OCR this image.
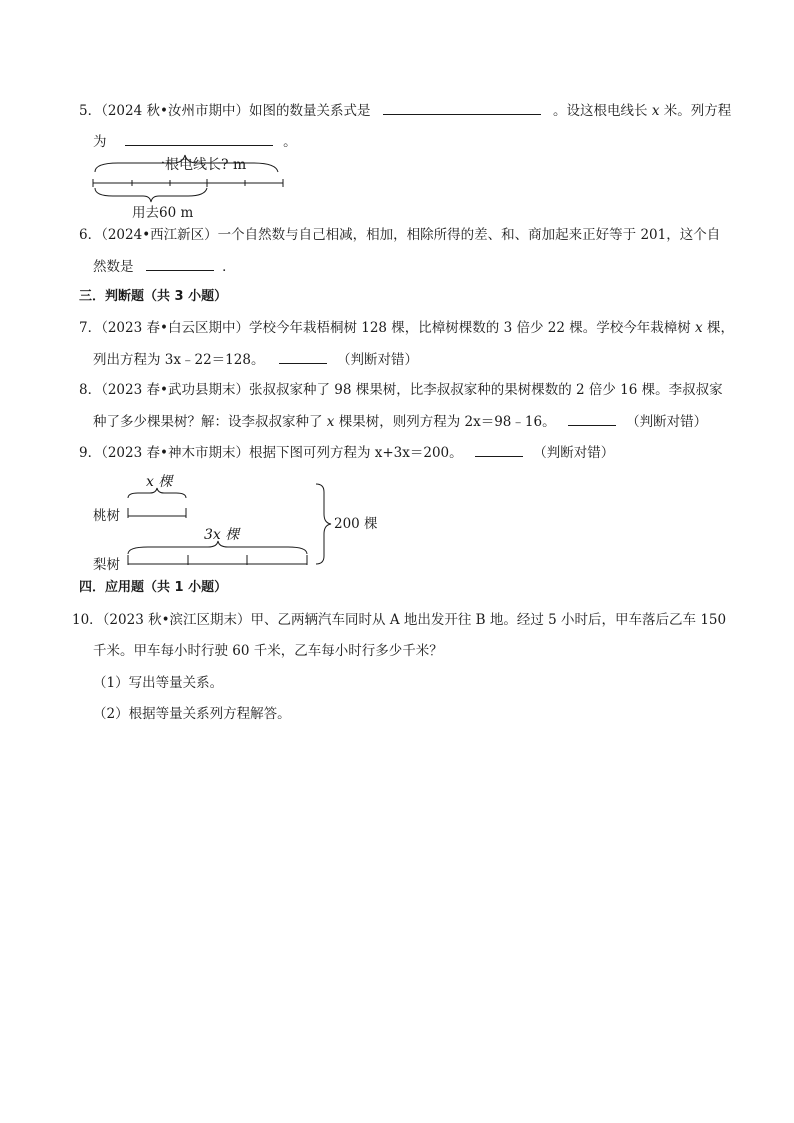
5．（2024 秋•汝州市期中）如图的数量关系式是	。设这根电线长 x 米。列方程
为	。
一根电线长? m
用去60 m
6．（2024•西江新区）一个自然数与自己相减，相加，相除所得的差、和、商加起来正好等于 201，这个自
然数是	．
三．判断题（共 3 小题）
7．（2023 春•白云区期中）学校今年栽梧桐树 128 棵，比樟树棵数的 3 倍少 22 棵。学校今年栽樟树 x 棵，
列出方程为 3x﹣22＝128。	（判断对错）
8．（2023 春•武功县期末）张叔叔家种了 98 棵果树，比李叔叔家种的果树棵数的 2 倍少 16 棵。李叔叔家
种了多少棵果树？解：设李叔叔家种了 x 棵果树，则列方程为 2x＝98﹣16。	（判断对错）
9．（2023 春•神木市期末）根据下图可列方程为 x+3x＝200。	（判断对错）
x 棵
桃树
3x 棵
梨树
200 棵
四．应用题（共 1 小题）
10．（2023 秋•滨江区期末）甲、乙两辆汽车同时从 A 地出发开往 B 地。经过 5 小时后，甲车落后乙车 150
千米。甲车每小时行驶 60 千米，乙车每小时行多少千米？
（1）写出等量关系。
（2）根据等量关系列方程解答。
